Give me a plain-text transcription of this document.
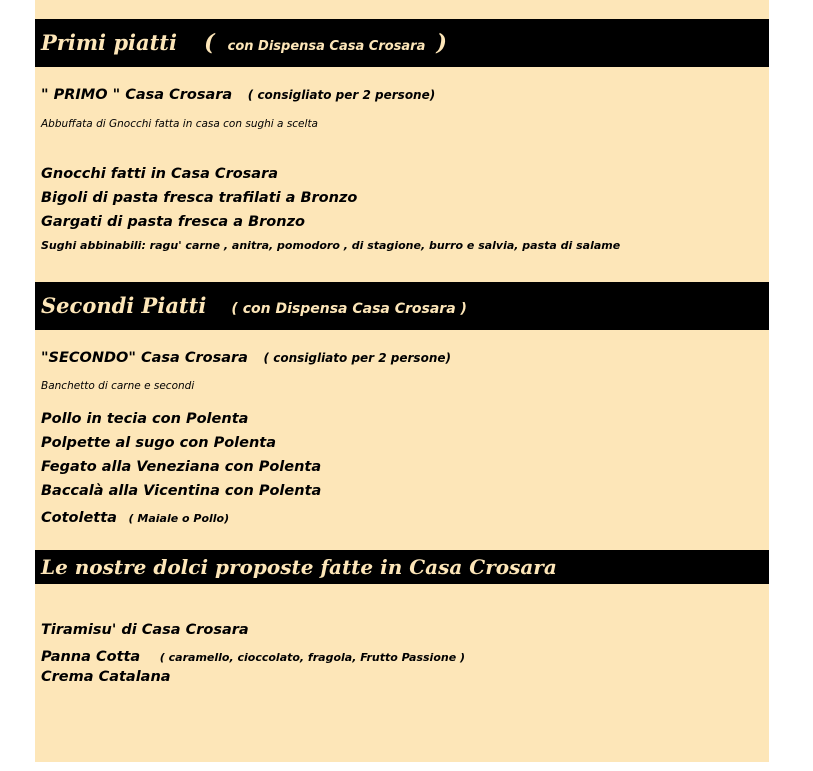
Primi piatti ( con Dispensa Casa Crosara )
" PRIMO " Casa Crosara ( consigliato per 2 persone)
Abbuffata di Gnocchi fatta in casa con sughi a scelta
Gnocchi fatti in Casa Crosara
Bigoli di pasta fresca trafilati a Bronzo
Gargati di pasta fresca a Bronzo
Sughi abbinabili: ragu' carne , anitra, pomodoro , di stagione, burro e salvia, pasta di salame
Secondi Piatti ( con Dispensa Casa Crosara )
"SECONDO" Casa Crosara ( consigliato per 2 persone)
Banchetto di carne e secondi
Pollo in tecia con Polenta
Polpette al sugo con Polenta
Fegato alla Veneziana con Polenta
Baccalà alla Vicentina con Polenta
Cotoletta ( Maiale o Pollo)
Le nostre dolci proposte fatte in Casa Crosara
Tiramisu' di Casa Crosara
Panna Cotta ( caramello, cioccolato, fragola, Frutto Passione )
Crema Catalana
